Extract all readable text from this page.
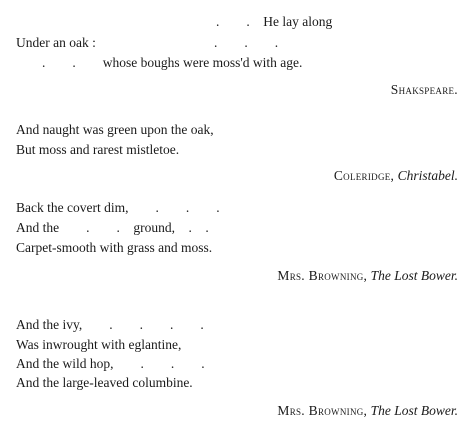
.        .    He lay along
Under an oak :	.        .        .
.        .        whose boughs were moss'd with age.
Shakspeare.
And naught was green upon the oak,
But moss and rarest mistletoe.
Coleridge, Christabel.
Back the covert dim,        .        .        .
And the        .        .    ground,    .    .
Carpet-smooth with grass and moss.
Mrs. Browning, The Lost Bower.
And the ivy,        .        .        .        .
Was inwrought with eglantine,
And the wild hop,        .        .        .
And the large-leaved columbine.
Mrs. Browning, The Lost Bower.
